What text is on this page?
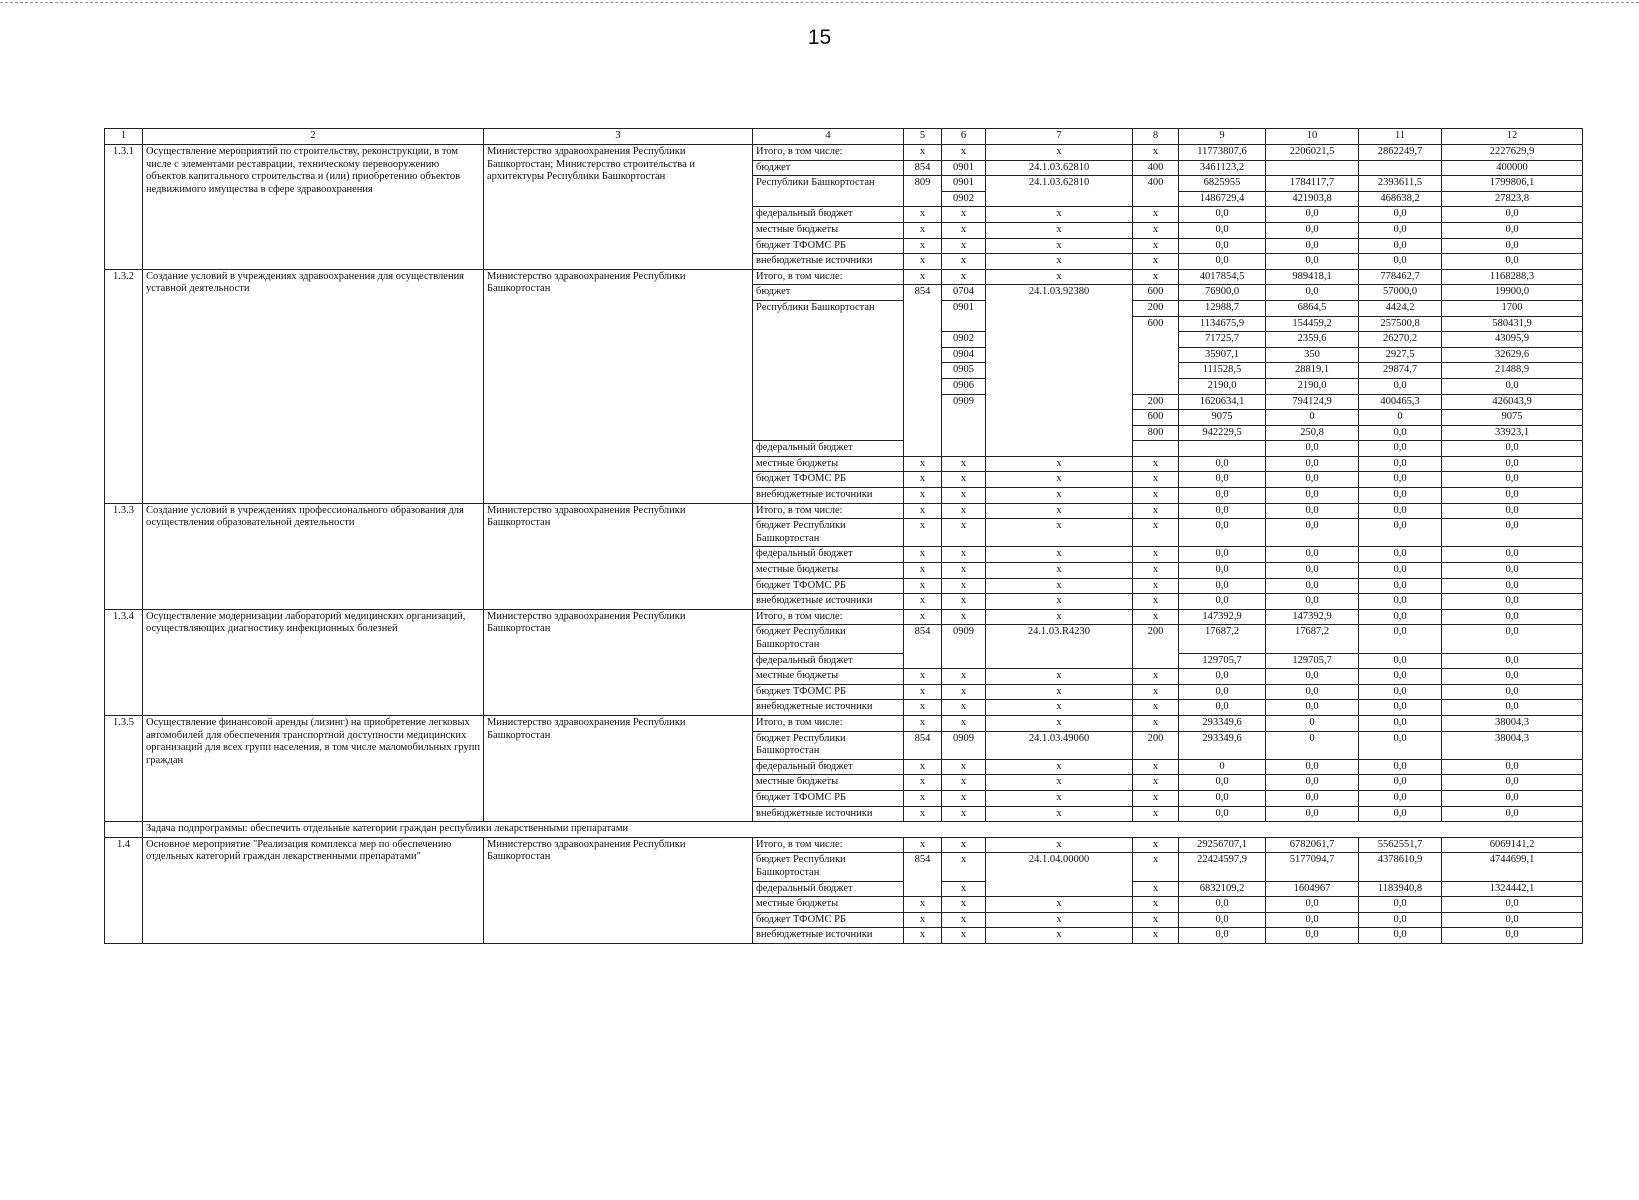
15
1	2	3	4	5	6	7	8	9	10	11	12	
1.3.1	Осуществление мероприятий по строительству, реконструкции, в том числе с элементами реставрации, техническому перевооружению объектов капитального строительства и (или) приобретению объектов недвижимого имущества в сфере здравоохранения	Министерство здравоохранения Республики Башкортостан; Министерство строительства и архитектуры Республики Башкортостан	Итого, в том числе:	x	x	x	x	11773807,6	2206021,5	2862249,7	2227629,9	
			бюджет	854	0901	24.1.03.62810	400	3461123,2			400000	
			Республики Башкортостан	809	0901	24.1.03.62810	400	6825955	1784117,7	2393611,5	1799806,1	
					0902			1486729,4	421903,8	468638,2	27823,8	
			федеральный бюджет	x	x	x	x	0,0	0,0	0,0	0,0	
			местные бюджеты	x	x	x	x	0,0	0,0	0,0	0,0	
			бюджет ТФОМС РБ	x	x	x	x	0,0	0,0	0,0	0,0	
			внебюджетные источники	x	x	x	x	0,0	0,0	0,0	0,0	
1.3.2	Создание условий в учреждениях здравоохранения для осуществления уставной деятельности	Министерство здравоохранения Республики Башкортостан	Итого, в том числе:	x	x	x	x	4017854,5	989418,1	778462,7	1168288,3	
			бюджет	854	0704	24.1.03.92380	600	76900,0	0,0	57000,0	19900,0	
			Республики Башкортостан		0901		200	12988,7	6864,5	4424,2	1700	
							600	1134675,9	154459,2	257500,8	580431,9	
					0902			71725,7	2359,6	26270,2	43095,9	
					0904			35907,1	350	2927,5	32629,6	
					0905			111528,5	28819,1	29874,7	21488,9	
					0906			2190,0	2190,0	0,0	0,0	
					0909		200	1620634,1	794124,9	400465,3	426043,9	
							600	9075	0	0	9075	
							800	942229,5	250,8	0,0	33923,1	
			федеральный бюджет						0,0	0,0	0,0	
			местные бюджеты	x	x	x	x	0,0	0,0	0,0	0,0	
			бюджет ТФОМС РБ	x	x	x	x	0,0	0,0	0,0	0,0	
			внебюджетные источники	x	x	x	x	0,0	0,0	0,0	0,0	
1.3.3	Создание условий в учреждениях профессионального образования для осуществления образовательной деятельности	Министерство здравоохранения Республики Башкортостан	Итого, в том числе:	x	x	x	x	0,0	0,0	0,0	0,0	
			бюджет Республики Башкортостан	x	x	x	x	0,0	0,0	0,0	0,0	
			федеральный бюджет	x	x	x	x	0,0	0,0	0,0	0,0	
			местные бюджеты	x	x	x	x	0,0	0,0	0,0	0,0	
			бюджет ТФОМС РБ	x	x	x	x	0,0	0,0	0,0	0,0	
			внебюджетные источники	x	x	x	x	0,0	0,0	0,0	0,0	
1.3.4	Осуществление модернизации лабораторий медицинских организаций, осуществляющих диагностику инфекционных болезней	Министерство здравоохранения Республики Башкортостан	Итого, в том числе:	x	x	x	x	147392,9	147392,9	0,0	0,0	
			бюджет Республики Башкортостан	854	0909	24.1.03.R4230	200	17687,2	17687,2	0,0	0,0	
			федеральный бюджет					129705,7	129705,7	0,0	0,0	
			местные бюджеты	x	x	x	x	0,0	0,0	0,0	0,0	
			бюджет ТФОМС РБ	x	x	x	x	0,0	0,0	0,0	0,0	
			внебюджетные источники	x	x	x	x	0,0	0,0	0,0	0,0	
1.3.5	Осуществление финансовой аренды (лизинг) на приобретение легковых автомобилей для обеспечения транспортной доступности медицинских организаций для всех групп населения, в том числе маломобильных групп граждан	Министерство здравоохранения Республики Башкортостан	Итого, в том числе:	x	x	x	x	293349,6	0	0,0	38004,3	
			бюджет Республики Башкортостан	854	0909	24.1.03.49060	200	293349,6	0	0,0	38004,3	
			федеральный бюджет	x	x	x	x	0	0,0	0,0	0,0	
			местные бюджеты	x	x	x	x	0,0	0,0	0,0	0,0	
			бюджет ТФОМС РБ	x	x	x	x	0,0	0,0	0,0	0,0	
			внебюджетные источники	x	x	x	x	0,0	0,0	0,0	0,0	
	Задача подпрограммы: обеспечить отдельные категории граждан республики лекарственными препаратами											
1.4	Основное мероприятие "Реализация комплекса мер по обеспечению отдельных категорий граждан лекарственными препаратами"	Министерство здравоохранения Республики Башкортостан	Итого, в том числе:	x	x	x	x	29256707,1	6782061,7	5562551,7	6069141,2	
			бюджет Республики Башкортостан	854	x	24.1.04.00000	x	22424597,9	5177094,7	4378610,9	4744699,1	
			федеральный бюджет		x		x	6832109,2	1604967	1183940,8	1324442,1	
			местные бюджеты	x	x	x	x	0,0	0,0	0,0	0,0	
			бюджет ТФОМС РБ	x	x	x	x	0,0	0,0	0,0	0,0	
			внебюджетные источники	x	x	x	x	0,0	0,0	0,0	0,0	
